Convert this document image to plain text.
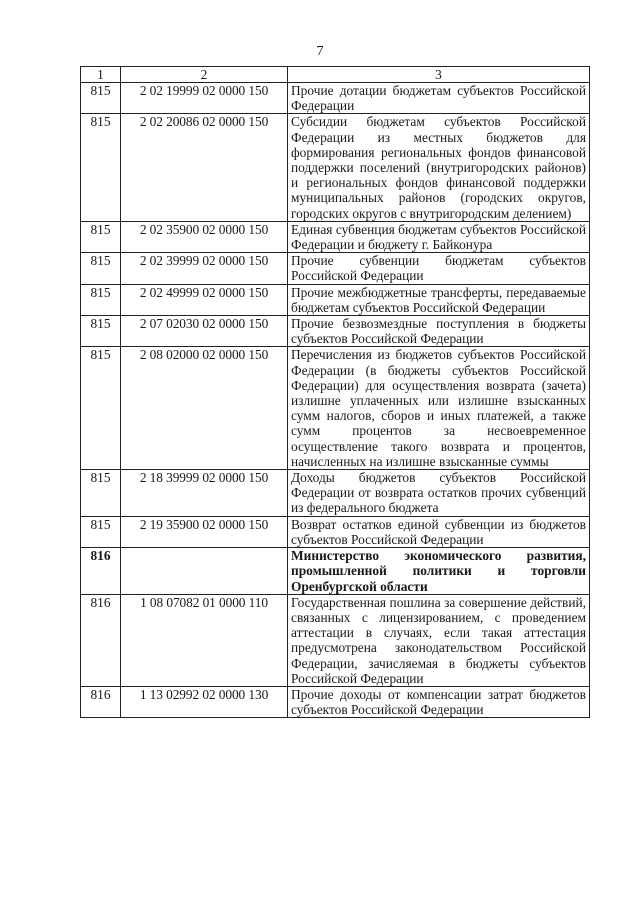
7
1	2	3
815	2 02 19999 02 0000 150	Прочие дотации бюджетам субъектов Российской Федерации
815	2 02 20086 02 0000 150	Субсидии бюджетам субъектов Российской Федерации из местных бюджетов для формирования региональных фондов финансовой поддержки поселений (внутригородских районов) и региональных фондов финансовой поддержки муниципальных районов (городских округов, городских округов с внутригородским делением)
815	2 02 35900 02 0000 150	Единая субвенция бюджетам субъектов Российской Федерации и бюджету г. Байконура
815	2 02 39999 02 0000 150	Прочие субвенции бюджетам субъектов Российской Федерации
815	2 02 49999 02 0000 150	Прочие межбюджетные трансферты, передаваемые бюджетам субъектов Российской Федерации
815	2 07 02030 02 0000 150	Прочие безвозмездные поступления в бюджеты субъектов Российской Федерации
815	2 08 02000 02 0000 150	Перечисления из бюджетов субъектов Российской Федерации (в бюджеты субъектов Российской Федерации) для осуществления возврата (зачета) излишне уплаченных или излишне взысканных сумм налогов, сборов и иных платежей, а также сумм процентов за несвоевременное осуществление такого возврата и процентов, начисленных на излишне взысканные суммы
815	2 18 39999 02 0000 150	Доходы бюджетов субъектов Российской Федерации от возврата остатков прочих субвенций из федерального бюджета
815	2 19 35900 02 0000 150	Возврат остатков единой субвенции из бюджетов субъектов Российской Федерации
816		Министерство экономического развития, промышленной политики и торговли Оренбургской области
816	1 08 07082 01 0000 110	Государственная пошлина за совершение действий, связанных с лицензированием, с проведением аттестации в случаях, если такая аттестация предусмотрена законодательством Российской Федерации, зачисляемая в бюджеты субъектов Российской Федерации
816	1 13 02992 02 0000 130	Прочие доходы от компенсации затрат бюджетов субъектов Российской Федерации
